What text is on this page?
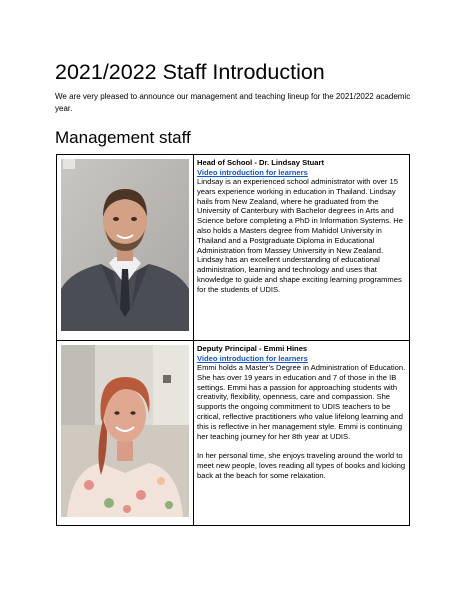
2021/2022 Staff Introduction

We are very pleased to announce our management and teaching lineup for the 2021/2022 academic year.

Management staff
Head of School - Dr. Lindsay Stuart
Video introduction for learners

Lindsay is an experienced school administrator with over 15 years experience working in education in Thailand. Lindsay hails from New Zealand, where he graduated from the University of Canterbury with Bachelor degrees in Arts and Science before completing a PhD in Information Systems. He also holds a Masters degree from Mahidol University in Thailand and a Postgraduate Diploma in Educational Administration from Massey University in New Zealand. Lindsay has an excellent understanding of educational administration, learning and technology and uses that knowledge to guide and shape exciting learning programmes for the students of UDIS.

Deputy Principal - Emmi Hines
Video introduction for learners

Emmi holds a Master’s Degree in Administration of Education. She has over 19 years in education and 7 of those in the IB settings. Emmi has a passion for approaching students with creativity, flexibility, openness, care and compassion. She supports the ongoing commitment to UDIS teachers to be critical, reflective practitioners who value lifelong learning and this is reflective in her management style. Emmi is continuing her teaching journey for her 8th year at UDIS.

In her personal time, she enjoys traveling around the world to meet new people, loves reading all types of books and kicking back at the beach for some relaxation.
